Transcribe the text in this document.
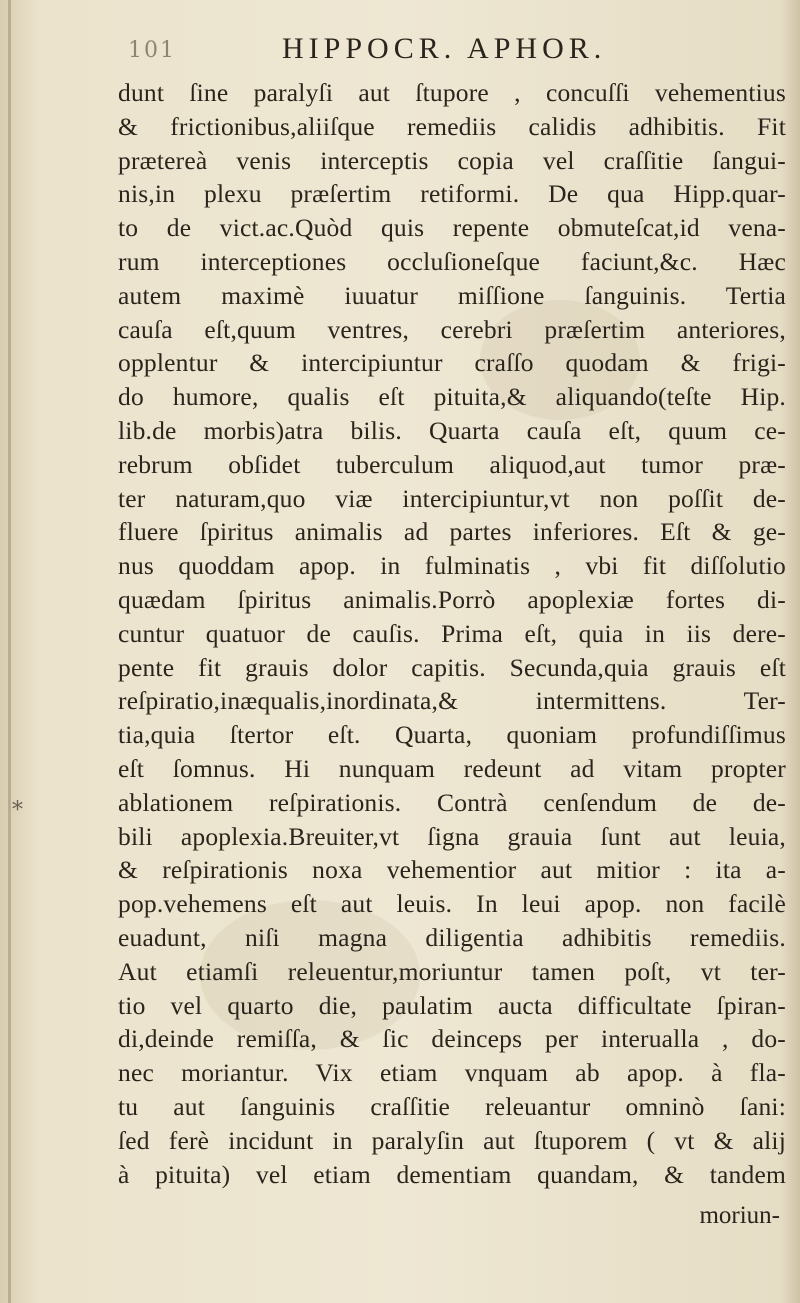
101	HIPPOCR. APHOR.
*
dunt ſine paralyſi aut ſtupore , concuſſi vehementius
& frictionibus,aliiſque remediis calidis adhibitis. Fit
prætereà venis interceptis copia vel craſſitie ſangui-
nis,in plexu præſertim retiformi. De qua Hipp.quar-
to de vict.ac.Quòd quis repente obmuteſcat,id vena-
rum interceptiones occluſioneſque faciunt,&c. Hæc
autem maximè iuuatur miſſione ſanguinis. Tertia
cauſa eſt,quum ventres, cerebri præſertim anteriores,
opplentur & intercipiuntur craſſo quodam & frigi-
do humore, qualis eſt pituita,& aliquando(teſte Hip.
lib.de morbis)atra bilis. Quarta cauſa eſt, quum ce-
rebrum obſidet tuberculum aliquod,aut tumor præ-
ter naturam,quo viæ intercipiuntur,vt non poſſit de-
fluere ſpiritus animalis ad partes inferiores. Eſt & ge-
nus quoddam apop. in fulminatis , vbi fit diſſolutio
quædam ſpiritus animalis.Porrò apoplexiæ fortes di-
cuntur quatuor de cauſis. Prima eſt, quia in iis dere-
pente fit grauis dolor capitis. Secunda,quia grauis eſt
reſpiratio,inæqualis,inordinata,& intermittens. Ter-
tia,quia ſtertor eſt. Quarta, quoniam profundiſſimus
eſt ſomnus. Hi nunquam redeunt ad vitam propter
ablationem reſpirationis. Contrà cenſendum de de-
bili apoplexia.Breuiter,vt ſigna grauia ſunt aut leuia,
& reſpirationis noxa vehementior aut mitior : ita a-
pop.vehemens eſt aut leuis. In leui apop. non facilè
euadunt, niſi magna diligentia adhibitis remediis.
Aut etiamſi releuentur,moriuntur tamen poſt, vt ter-
tio vel quarto die, paulatim aucta difficultate ſpiran-
di,deinde remiſſa, & ſic deinceps per interualla , do-
nec moriantur. Vix etiam vnquam ab apop. à fla-
tu aut ſanguinis craſſitie releuantur omninò ſani:
ſed ferè incidunt in paralyſin aut ſtuporem ( vt & alij
à pituita) vel etiam dementiam quandam, & tandem
moriun-
